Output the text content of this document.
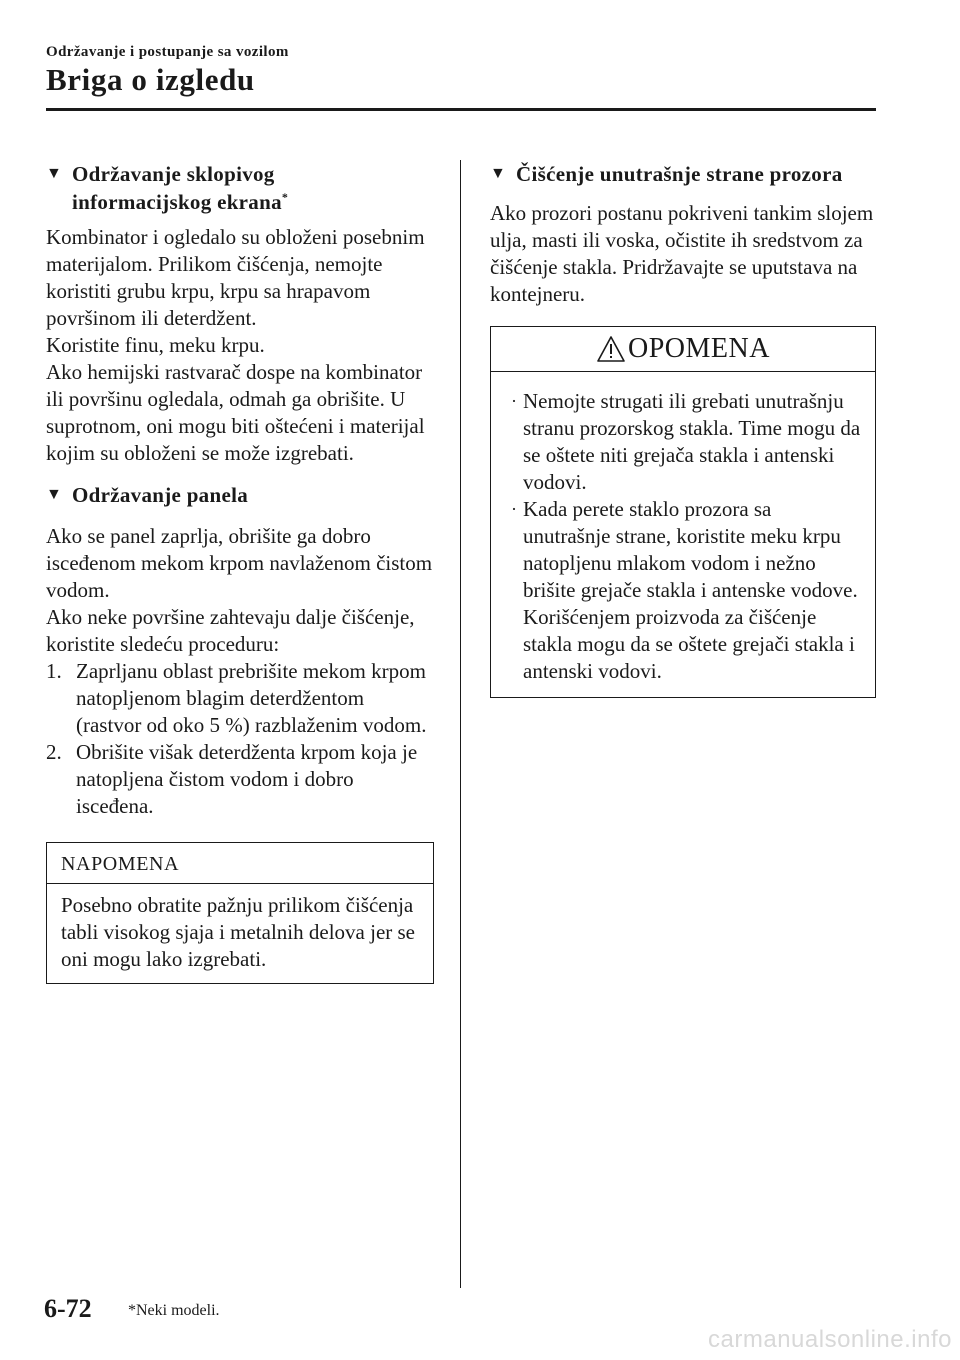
Održavanje i postupanje sa vozilom
Briga o izgledu
▼ Održavanje sklopivog
informacijskog ekrana*

Kombinator i ogledalo su obloženi posebnim materijalom. Prilikom čišćenja, nemojte koristiti grubu krpu, krpu sa hrapavom površinom ili deterdžent.

Koristite finu, meku krpu.

Ako hemijski rastvarač dospe na kombinator ili površinu ogledala, odmah ga obrišite. U suprotnom, oni mogu biti oštećeni i materijal kojim su obloženi se može izgrebati.

▼ Održavanje panela

Ako se panel zaprlja, obrišite ga dobro iscеđenom mekom krpom navlaženom čistom vodom.

Ako neke površine zahtevaju dalje čišćenje, koristite sledeću proceduru:

1. Zaprljanu oblast prebrišite mekom krpom natopljenom blagim deterdžentom (rastvor od oko 5 %) razblaženim vodom.
2. Obrišite višak deterdženta krpom koja je natopljena čistom vodom i dobro isceđena.
NAPOMENA
Posebno obratite pažnju prilikom čišćenja tabli visokog sjaja i metalnih delova jer se oni mogu lako izgrebati.
▼ Čišćenje unutrašnje strane prozora

Ako prozori postanu pokriveni tankim slojem ulja, masti ili voska, očistite ih sredstvom za čišćenje stakla. Pridržavajte se uputstava na kontejneru.

OPOMENA
· Nemojte strugati ili grebati unutrašnju stranu prozorskog stakla. Time mogu da se oštete niti grejača stakla i antenski vodovi.
· Kada perete staklo prozora sa unutrašnje strane, koristite meku krpu natopljenu mlakom vodom i nežno brišite grejače stakla i antenske vodove.
Korišćenjem proizvoda za čišćenje stakla mogu da se oštete grejači stakla i antenski vodovi.
6-72 *Neki modeli.
carmanualsonline.info
